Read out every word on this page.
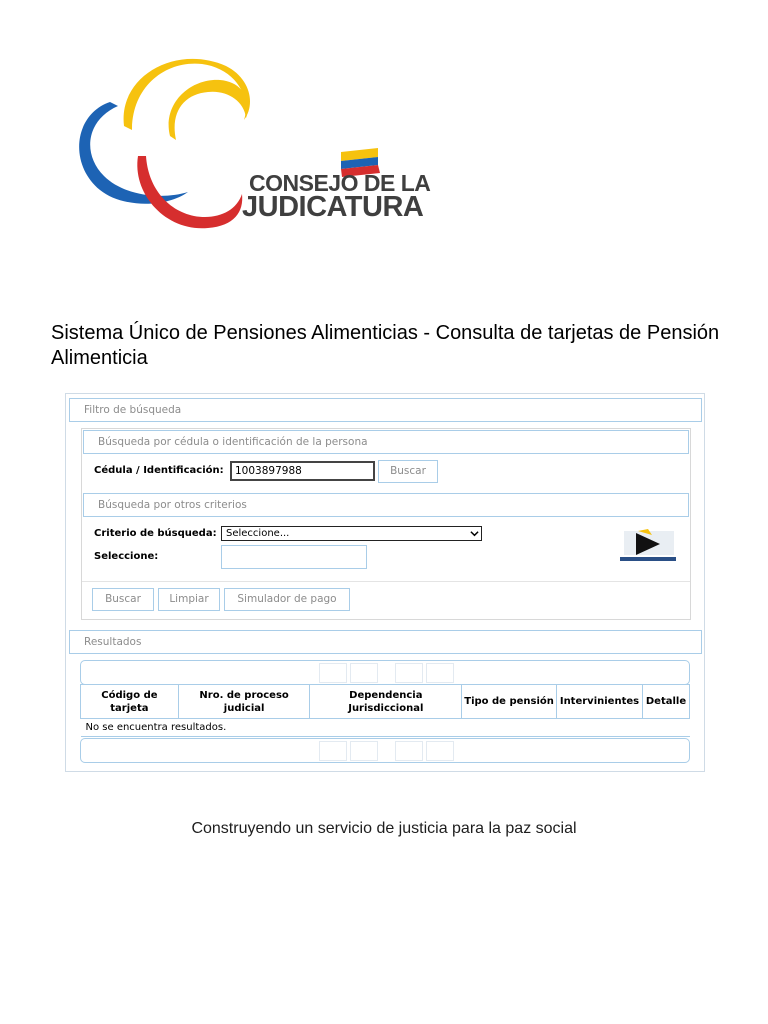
CONSEJO DE LA
JUDICATURA
Sistema Único de Pensiones Alimenticias - Consulta de tarjetas de Pensión Alimenticia
Filtro de búsqueda
Búsqueda por cédula o identificación de la persona
Cédula / Identificación:	1003897988	Buscar
Búsqueda por otros criterios
Criterio de búsqueda: Seleccione...
Seleccione:
Buscar	Limpiar	Simulador de pago
Resultados
Código de tarjeta	Nro. de proceso judicial	Dependencia Jurisdiccional	Tipo de pensión	Intervinientes	Detalle
No se encuentra resultados.
Construyendo un servicio de justicia para la paz social
